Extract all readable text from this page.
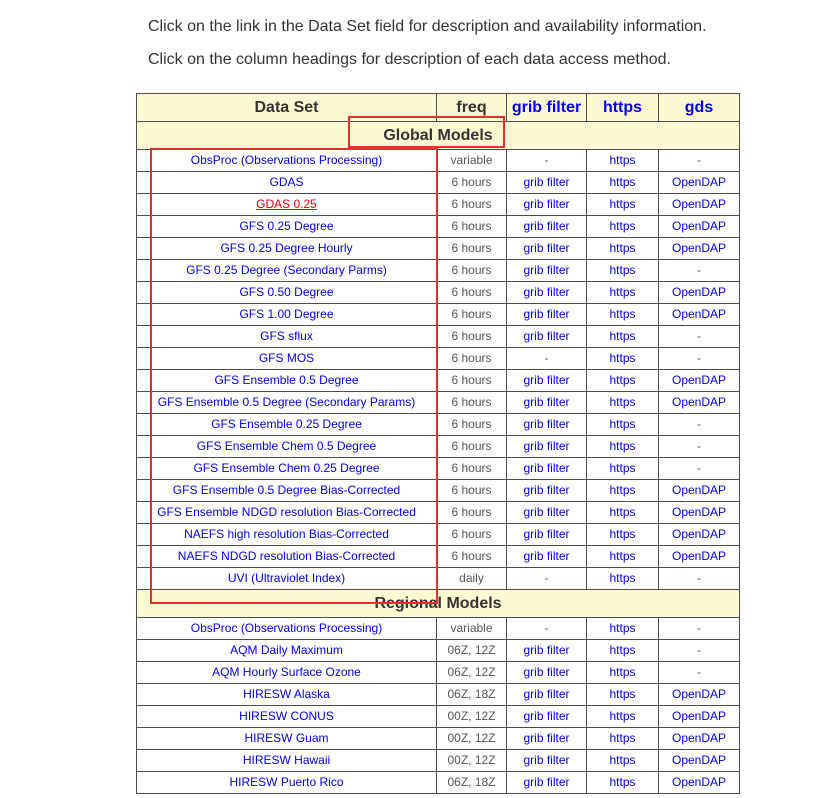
Click on the link in the Data Set field for description and availability information.

Click on the column headings for description of each data access method.

Data Set	freq	grib filter	https	gds
Global Models				
ObsProc (Observations Processing)	variable	-	https	-
GDAS	6 hours	grib filter	https	OpenDAP
GDAS 0.25	6 hours	grib filter	https	OpenDAP
GFS 0.25 Degree	6 hours	grib filter	https	OpenDAP
GFS 0.25 Degree Hourly	6 hours	grib filter	https	OpenDAP
GFS 0.25 Degree (Secondary Parms)	6 hours	grib filter	https	-
GFS 0.50 Degree	6 hours	grib filter	https	OpenDAP
GFS 1.00 Degree	6 hours	grib filter	https	OpenDAP
GFS sflux	6 hours	grib filter	https	-
GFS MOS	6 hours	-	https	-
GFS Ensemble 0.5 Degree	6 hours	grib filter	https	OpenDAP
GFS Ensemble 0.5 Degree (Secondary Params)	6 hours	grib filter	https	OpenDAP
GFS Ensemble 0.25 Degree	6 hours	grib filter	https	-
GFS Ensemble Chem 0.5 Degree	6 hours	grib filter	https	-
GFS Ensemble Chem 0.25 Degree	6 hours	grib filter	https	-
GFS Ensemble 0.5 Degree Bias-Corrected	6 hours	grib filter	https	OpenDAP
GFS Ensemble NDGD resolution Bias-Corrected	6 hours	grib filter	https	OpenDAP
NAEFS high resolution Bias-Corrected	6 hours	grib filter	https	OpenDAP
NAEFS NDGD resolution Bias-Corrected	6 hours	grib filter	https	OpenDAP
UVI (Ultraviolet Index)	daily	-	https	-
Regional Models				
ObsProc (Observations Processing)	variable	-	https	-
AQM Daily Maximum	06Z, 12Z	grib filter	https	-
AQM Hourly Surface Ozone	06Z, 12Z	grib filter	https	-
HIRESW Alaska	06Z, 18Z	grib filter	https	OpenDAP
HIRESW CONUS	00Z, 12Z	grib filter	https	OpenDAP
HIRESW Guam	00Z, 12Z	grib filter	https	OpenDAP
HIRESW Hawaii	00Z, 12Z	grib filter	https	OpenDAP
HIRESW Puerto Rico	06Z, 18Z	grib filter	https	OpenDAP
